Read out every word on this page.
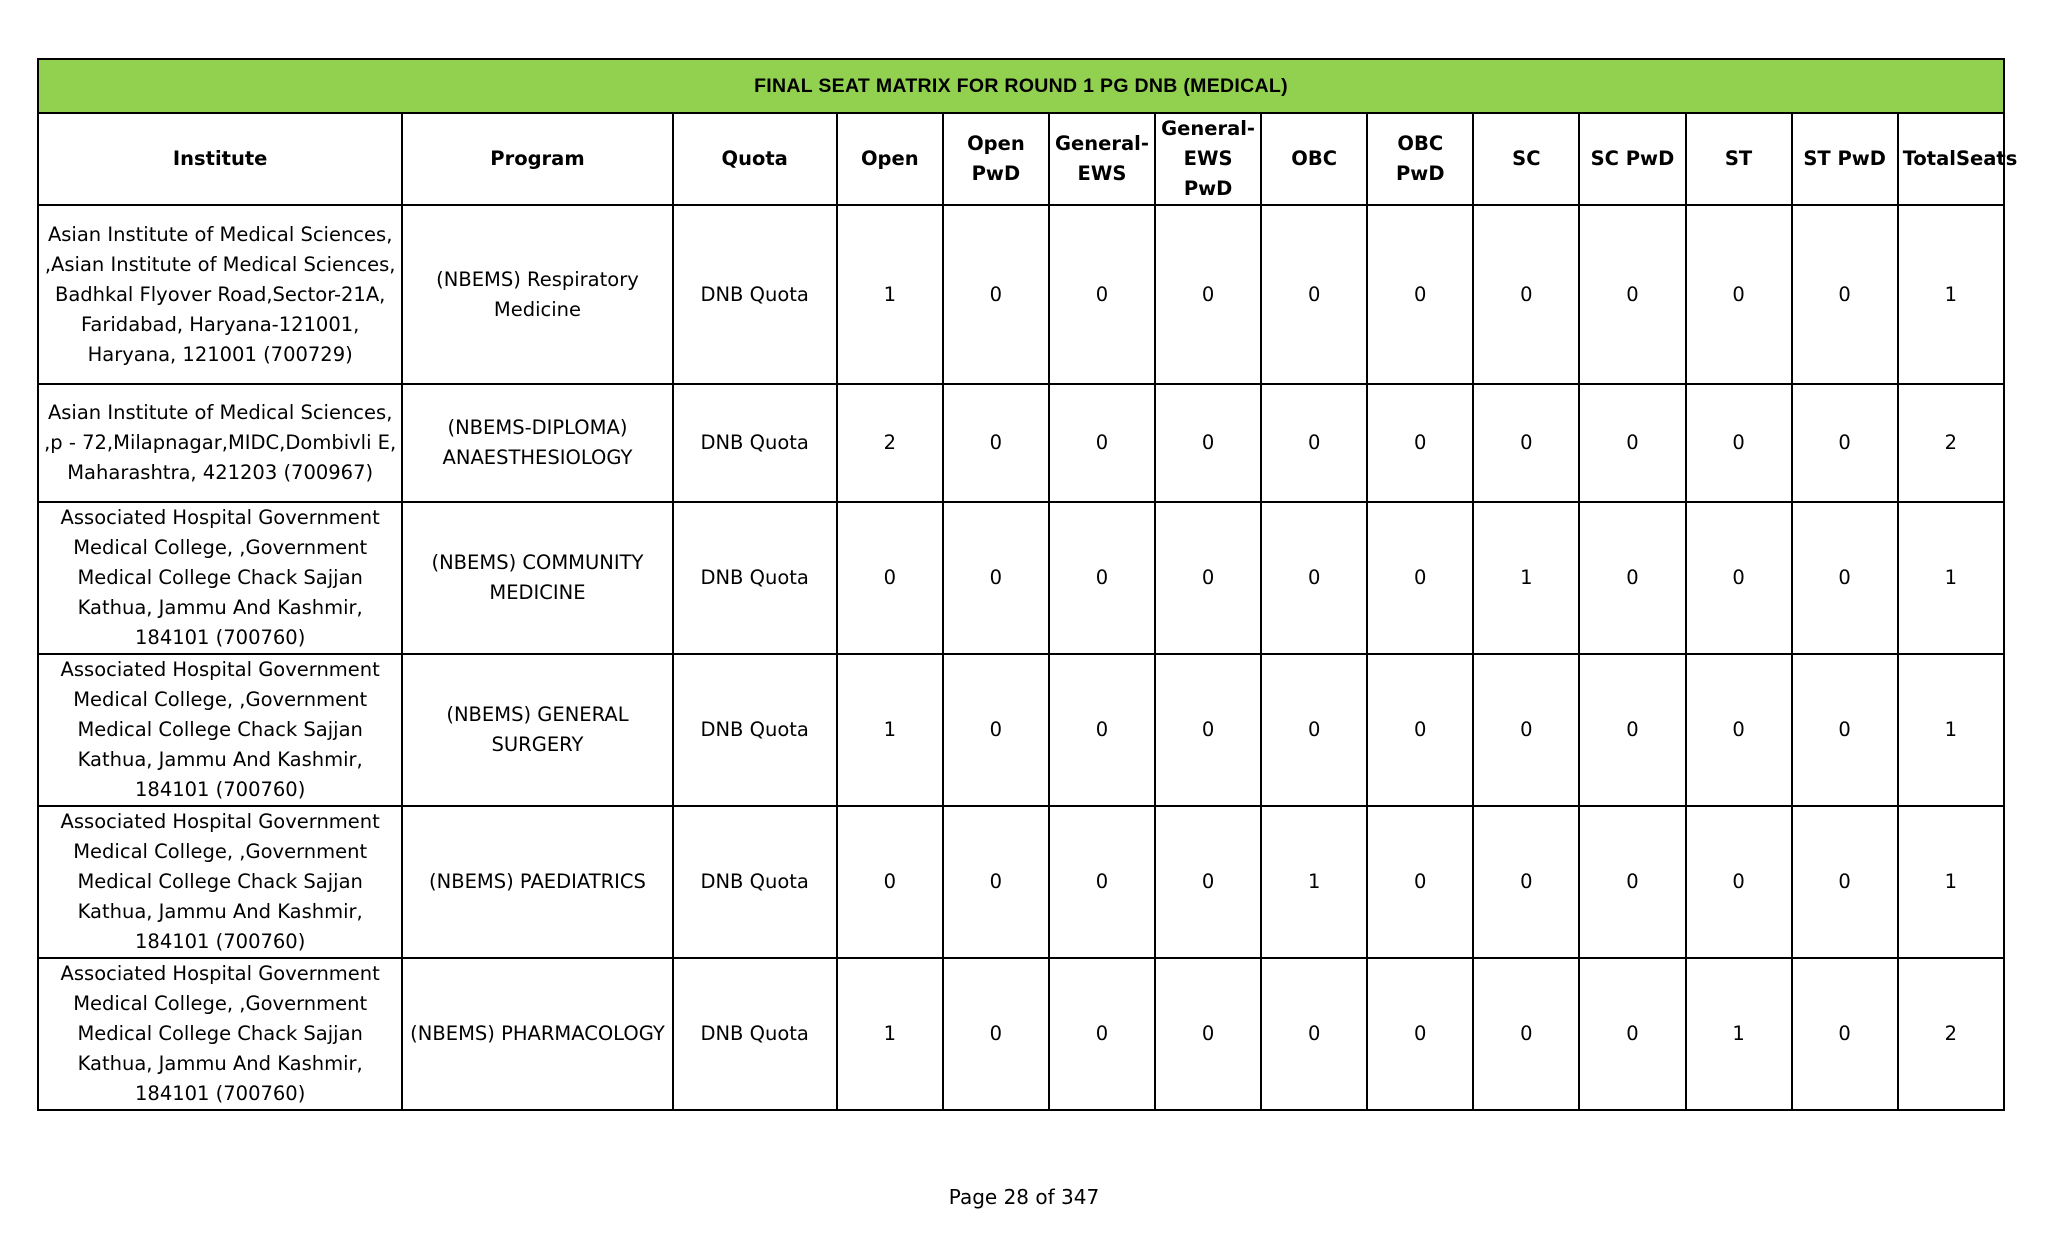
FINAL SEAT MATRIX FOR ROUND 1 PG DNB (MEDICAL)													
Institute	Program	Quota	Open	Open PwD	General-EWS	General-EWS PwD	OBC	OBC PwD	SC	SC PwD	ST	ST PwD	TotalSeats
Asian Institute of Medical Sciences, ,Asian Institute of Medical Sciences, Badhkal Flyover Road,Sector-21A, Faridabad, Haryana-121001, Haryana, 121001 (700729)	(NBEMS) Respiratory Medicine	DNB Quota	1	0	0	0	0	0	0	0	0	0	1
Asian Institute of Medical Sciences, ,p - 72,Milapnagar,MIDC,Dombivli E, Maharashtra, 421203 (700967)	(NBEMS-DIPLOMA) ANAESTHESIOLOGY	DNB Quota	2	0	0	0	0	0	0	0	0	0	2
Associated Hospital Government Medical College, ,Government Medical College Chack Sajjan Kathua, Jammu And Kashmir, 184101 (700760)	(NBEMS) COMMUNITY MEDICINE	DNB Quota	0	0	0	0	0	0	1	0	0	0	1
Associated Hospital Government Medical College, ,Government Medical College Chack Sajjan Kathua, Jammu And Kashmir, 184101 (700760)	(NBEMS) GENERAL SURGERY	DNB Quota	1	0	0	0	0	0	0	0	0	0	1
Associated Hospital Government Medical College, ,Government Medical College Chack Sajjan Kathua, Jammu And Kashmir, 184101 (700760)	(NBEMS) PAEDIATRICS	DNB Quota	0	0	0	0	1	0	0	0	0	0	1
Associated Hospital Government Medical College, ,Government Medical College Chack Sajjan Kathua, Jammu And Kashmir, 184101 (700760)	(NBEMS) PHARMACOLOGY	DNB Quota	1	0	0	0	0	0	0	0	1	0	2
Page 28 of 347
